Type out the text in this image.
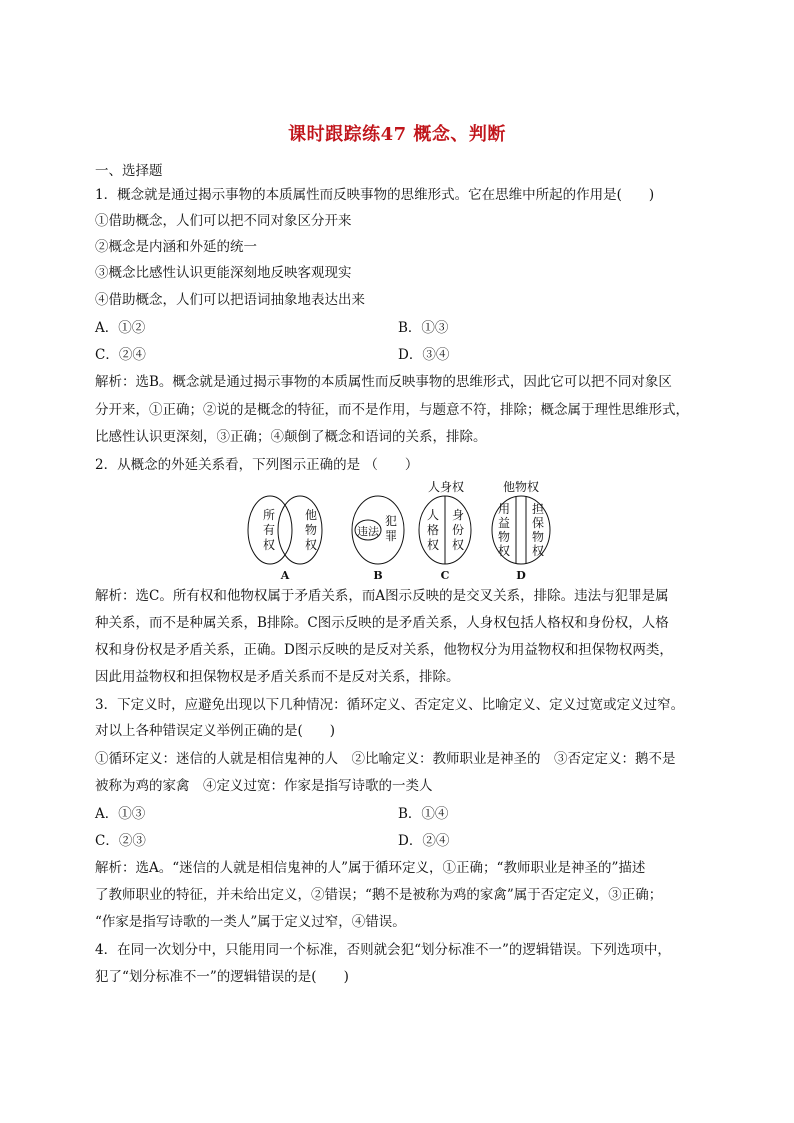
课时跟踪练47 概念、判断
一、选择题
1．概念就是通过揭示事物的本质属性而反映事物的思维形式。它在思维中所起的作用是(　　)
①借助概念，人们可以把不同对象区分开来
②概念是内涵和外延的统一
③概念比感性认识更能深刻地反映客观现实
④借助概念，人们可以把语词抽象地表达出来
A．①②	B．①③
C．②④	D．③④
解析：选B。概念就是通过揭示事物的本质属性而反映事物的思维形式，因此它可以把不同对象区
分开来，①正确；②说的是概念的特征，而不是作用，与题意不符，排除；概念属于理性思维形式，
比感性认识更深刻，③正确；④颠倒了概念和语词的关系，排除。
2．从概念的外延关系看，下列图示正确的是 （　　）
所
有
权
他
物
权
违法
犯
罪
人身权
人
格
权
身
份
权
他物权
用
益
物
权
担
保
物
权
A	B	C	D
解析：选C。所有权和他物权属于矛盾关系，而A图示反映的是交叉关系，排除。违法与犯罪是属
种关系，而不是种属关系，B排除。C图示反映的是矛盾关系，人身权包括人格权和身份权，人格
权和身份权是矛盾关系，正确。D图示反映的是反对关系，他物权分为用益物权和担保物权两类，
因此用益物权和担保物权是矛盾关系而不是反对关系，排除。
3．下定义时，应避免出现以下几种情况：循环定义、否定定义、比喻定义、定义过宽或定义过窄。
对以上各种错误定义举例正确的是(　　)
①循环定义：迷信的人就是相信鬼神的人　②比喻定义：教师职业是神圣的　③否定定义：鹅不是
被称为鸡的家禽　④定义过宽：作家是指写诗歌的一类人
A．①③	B．①④
C．②③	D．②④
解析：选A。“迷信的人就是相信鬼神的人”属于循环定义，①正确；“教师职业是神圣的”描述
了教师职业的特征，并未给出定义，②错误；“鹅不是被称为鸡的家禽”属于否定定义，③正确；
“作家是指写诗歌的一类人”属于定义过窄，④错误。
4．在同一次划分中，只能用同一个标准，否则就会犯“划分标准不一”的逻辑错误。下列选项中，
犯了“划分标准不一”的逻辑错误的是(　　)
